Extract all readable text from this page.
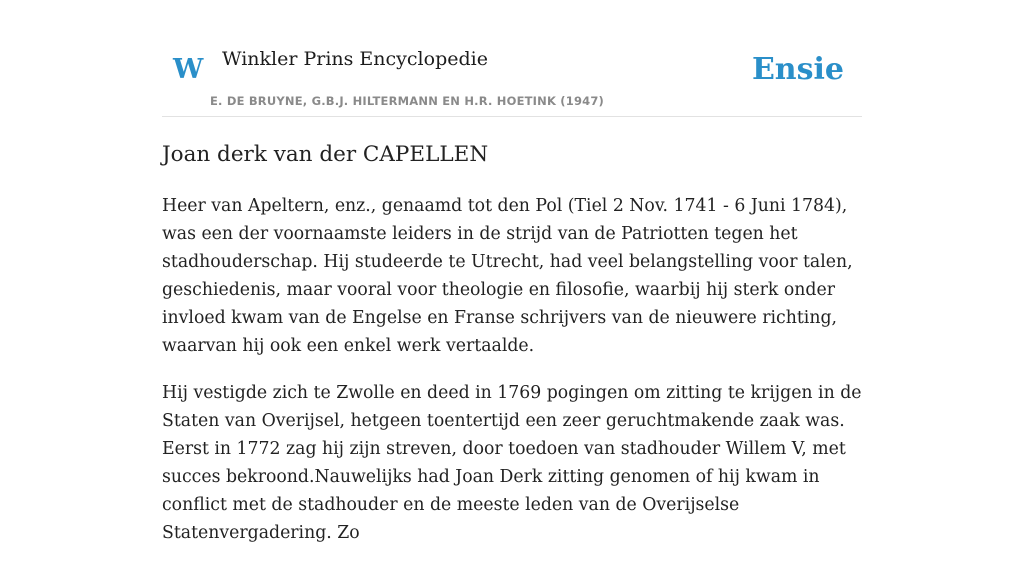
W Winkler Prins Encyclopedie
E. DE BRUYNE, G.B.J. HILTERMANN EN H.R. HOETINK (1947)
Ensie
Joan derk van der CAPELLEN

Heer van Apeltern, enz., genaamd tot den Pol (Tiel 2 Nov. 1741 - 6 Juni 1784), was een der voornaamste leiders in de strijd van de Patriotten tegen het stadhouderschap. Hij studeerde te Utrecht, had veel belangstelling voor talen, geschiedenis, maar vooral voor theologie en filosofie, waarbij hij sterk onder invloed kwam van de Engelse en Franse schrijvers van de nieuwere richting, waarvan hij ook een enkel werk vertaalde.

Hij vestigde zich te Zwolle en deed in 1769 pogingen om zitting te krijgen in de Staten van Overijsel, hetgeen toentertijd een zeer geruchtmakende zaak was. Eerst in 1772 zag hij zijn streven, door toedoen van stadhouder Willem V, met succes bekroond.Nauwelijks had Joan Derk zitting genomen of hij kwam in conflict met de stadhouder en de meeste leden van de Overijselse Statenvergadering. Zo
